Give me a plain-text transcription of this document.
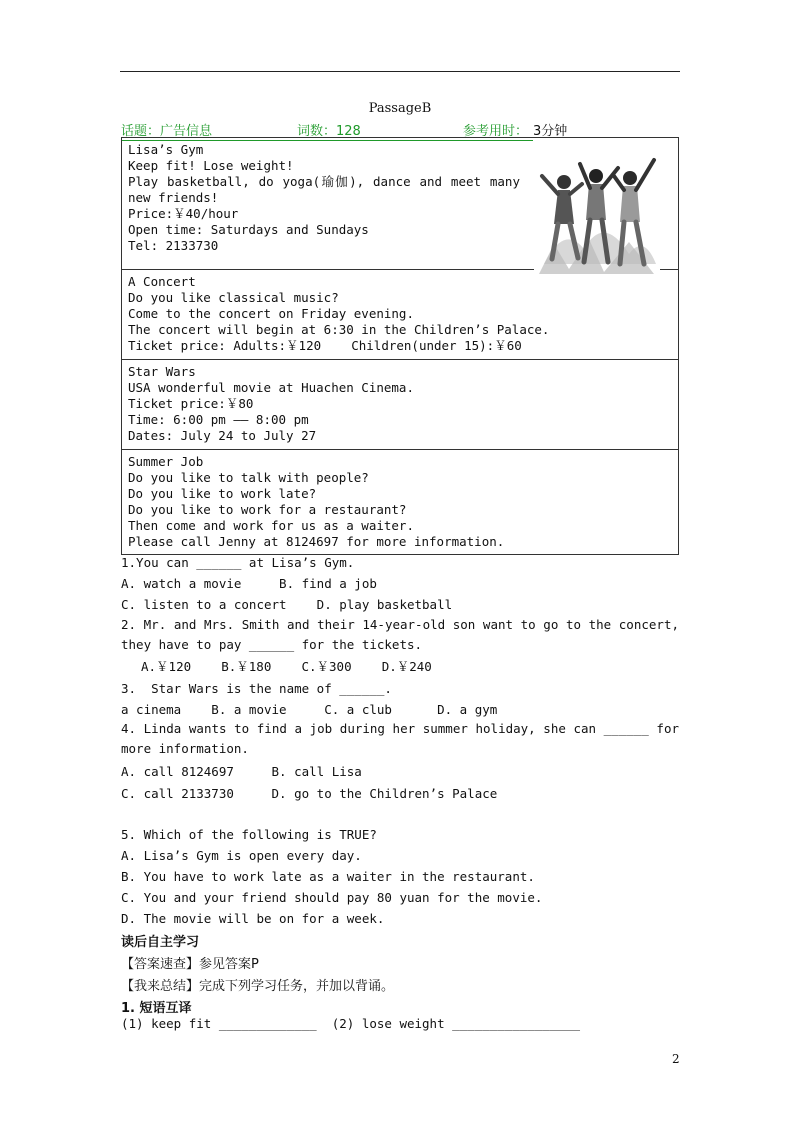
PassageB
话题：广告信息	词数：128	参考用时： 3分钟
Lisa’s Gym
Keep fit! Lose weight!
Play basketball, do yoga(瑜伽), dance and meet many new friends!
Price:￥40/hour
Open time: Saturdays and Sundays
Tel: 2133730
A Concert
Do you like classical music?
Come to the concert on Friday evening.
The concert will begin at 6:30 in the Children’s Palace.
Ticket price: Adults:￥120    Children(under 15):￥60
Star Wars
USA wonderful movie at Huachen Cinema.
Ticket price:￥80
Time: 6:00 pm —— 8:00 pm
Dates: July 24 to July 27
Summer Job
Do you like to talk with people?
Do you like to work late?
Do you like to work for a restaurant?
Then come and work for us as a waiter.
Please call Jenny at 8124697 for more information.
1.You can ______ at Lisa’s Gym.
A. watch a movie     B. find a job
C. listen to a concert    D. play basketball
2. Mr. and Mrs. Smith and their 14-year-old son want to go to the concert, they have to pay ______ for the tickets.
A.￥120    B.￥180    C.￥300    D.￥240
3.  Star Wars is the name of ______.
a cinema    B. a movie     C. a club      D. a gym
4. Linda wants to find a job during her summer holiday, she can ______ for more information.
A. call 8124697     B. call Lisa
C. call 2133730     D. go to the Children’s Palace
5. Which of the following is TRUE?
A. Lisa’s Gym is open every day.
B. You have to work late as a waiter in the restaurant.
C. You and your friend should pay 80 yuan for the movie.
D. The movie will be on for a week.
读后自主学习
【答案速查】参见答案P
【我来总结】完成下列学习任务，并加以背诵。
1. 短语互译
(1) keep fit _____________  (2) lose weight _________________
2
